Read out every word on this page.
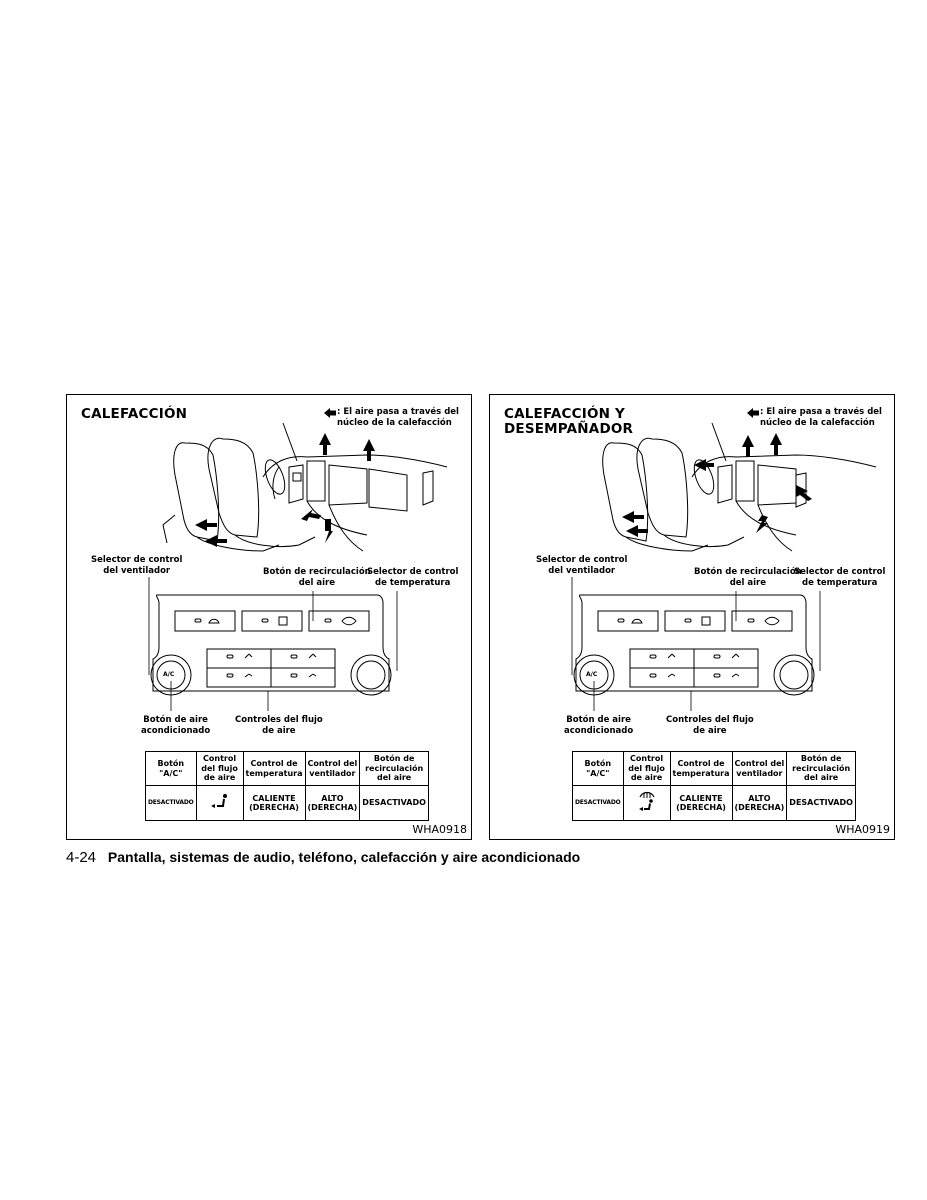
CALEFACCIÓN	: El aire pasa a través del
núcleo de la calefacción
Selector de control
del ventilador	Botón de recirculación
del aire
Selector de control
de temperatura
Botón de aire
acondicionado
Controles del flujo
de aire
A/C
Botón "A/C"	Control del flujo de aire	Control de temperatura	Control del ventilador	Botón de recirculación del aire
DESACTIVADO		CALIENTE (DERECHA)	ALTO (DERECHA)	DESACTIVADO
WHA0918
CALEFACCIÓN Y
DESEMPAÑADOR
: El aire pasa a través del
núcleo de la calefacción
Selector de control
del ventilador	Botón de recirculación
del aire
Selector de control
de temperatura
Botón de aire
acondicionado
Controles del flujo
de aire
A/C
Botón "A/C"	Control del flujo de aire	Control de temperatura	Control del ventilador	Botón de recirculación del aire
DESACTIVADO		CALIENTE (DERECHA)	ALTO (DERECHA)	DESACTIVADO
WHA0919
4-24 Pantalla, sistemas de audio, teléfono, calefacción y aire acondicionado
